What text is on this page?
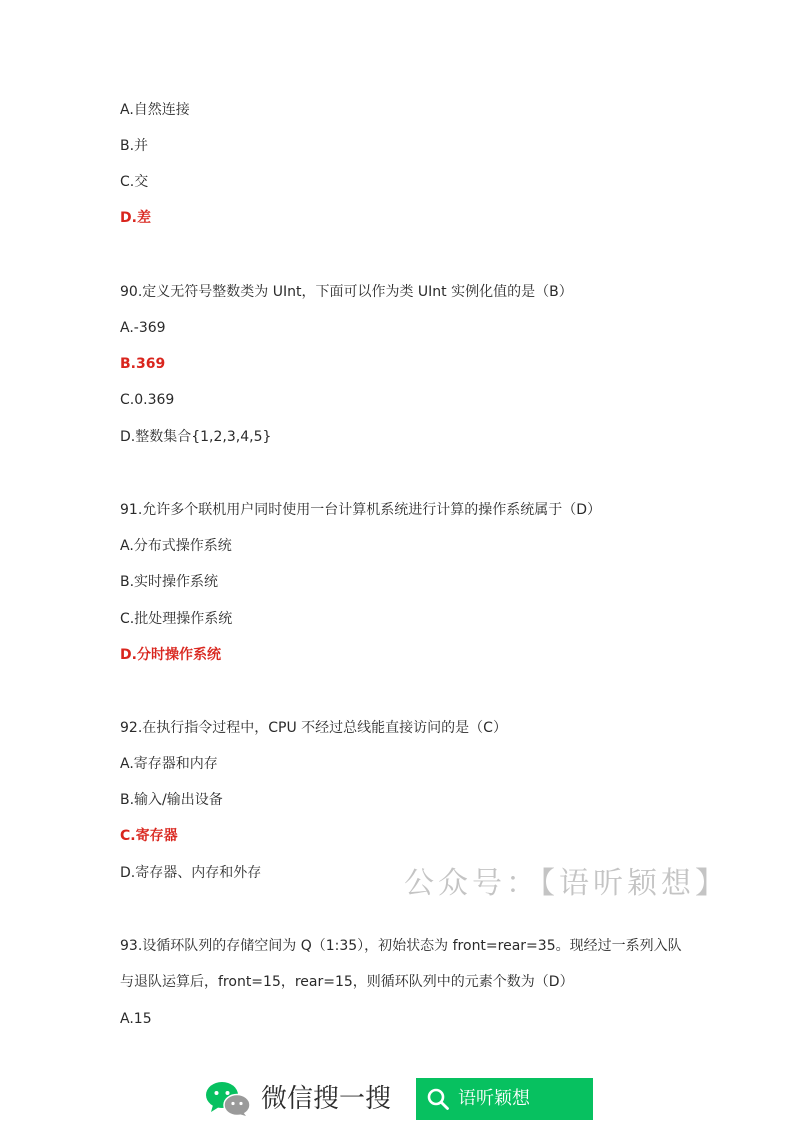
A.自然连接
B.并
C.交
D.差
90.定义无符号整数类为 UInt，下面可以作为类 UInt 实例化值的是（B）
A.-369
B.369
C.0.369
D.整数集合{1,2,3,4,5}
91.允许多个联机用户同时使用一台计算机系统进行计算的操作系统属于（D）
A.分布式操作系统
B.实时操作系统
C.批处理操作系统
D.分时操作系统
92.在执行指令过程中，CPU 不经过总线能直接访问的是（C）
A.寄存器和内存
B.输入/输出设备
C.寄存器
D.寄存器、内存和外存	公众号：【语听颖想】
93.设循环队列的存储空间为 Q（1:35），初始状态为 front=rear=35。现经过一系列入队
与退队运算后，front=15，rear=15，则循环队列中的元素个数为（D）
A.15
微信搜一搜	语听颖想
